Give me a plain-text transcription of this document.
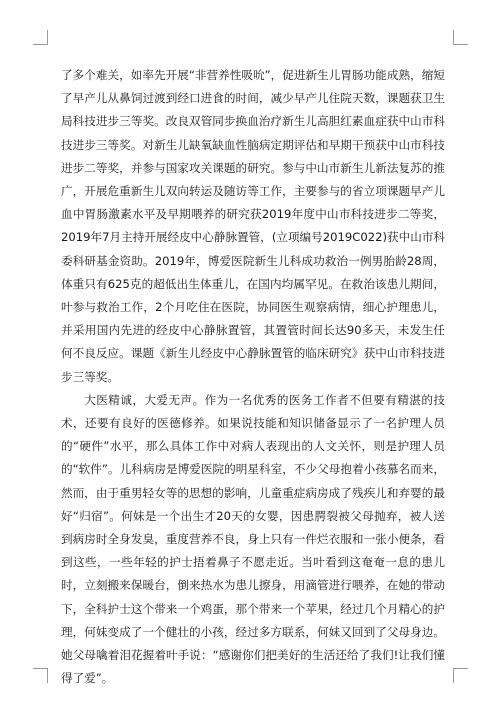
了多个难关，如率先开展“非营养性吸吮”，促进新生儿胃肠功能成熟，缩短了早产儿从鼻饲过渡到经口进食的时间，减少早产儿住院天数，课题获卫生局科技进步三等奖。改良双管同步换血治疗新生儿高胆红素血症获中山市科技进步三等奖。对新生儿缺氧缺血性脑病定期评估和早期干预获中山市科技进步二等奖，并参与国家攻关课题的研究。参与中山市新生儿新法复苏的推广，开展危重新生儿双向转运及随访等工作，主要参与的省立项课题早产儿血中胃肠激素水平及早期喂养的研究获2019年度中山市科技进步二等奖，2019年7月主持开展经皮中心静脉置管，(立项编号2019C022)获中山市科委科研基金资助。2019年，博爱医院新生儿科成功救治一例男胎龄28周，体重只有625克的超低出生体重儿，在国内均属罕见。在救治该患儿期间，叶参与救治工作，2个月吃住在医院，协同医生观察病情，细心护理患儿，并采用国内先进的经皮中心静脉置管，其置管时间长达90多天，未发生任何不良反应。课题《新生儿经皮中心静脉置管的临床研究》获中山市科技进步三等奖。

大医精诚，大爱无声。作为一名优秀的医务工作者不但要有精湛的技术，还要有良好的医德修养。如果说技能和知识储备显示了一名护理人员的“硬件”水平，那么具体工作中对病人表现出的人文关怀，则是护理人员的“软件”。儿科病房是博爱医院的明星科室，不少父母抱着小孩慕名而来，然而，由于重男轻女等的思想的影响，儿童重症病房成了残疾儿和弃婴的最好“归宿”。何妹是一个出生才20天的女婴，因患腭裂被父母抛弃，被人送到病房时全身发臭，重度营养不良，身上只有一件烂衣服和一张小便条，看到这些，一些年轻的护士捂着鼻子不愿走近。当叶看到这奄奄一息的患儿时，立刻搬来保暖台，倒来热水为患儿擦身，用滴管进行喂养，在她的带动下，全科护士这个带来一个鸡蛋，那个带来一个苹果，经过几个月精心的护理，何妹变成了一个健壮的小孩，经过多方联系，何妹又回到了父母身边。她父母噙着泪花握着叶手说：“感谢你们把美好的生活还给了我们!让我们懂得了爱”。
